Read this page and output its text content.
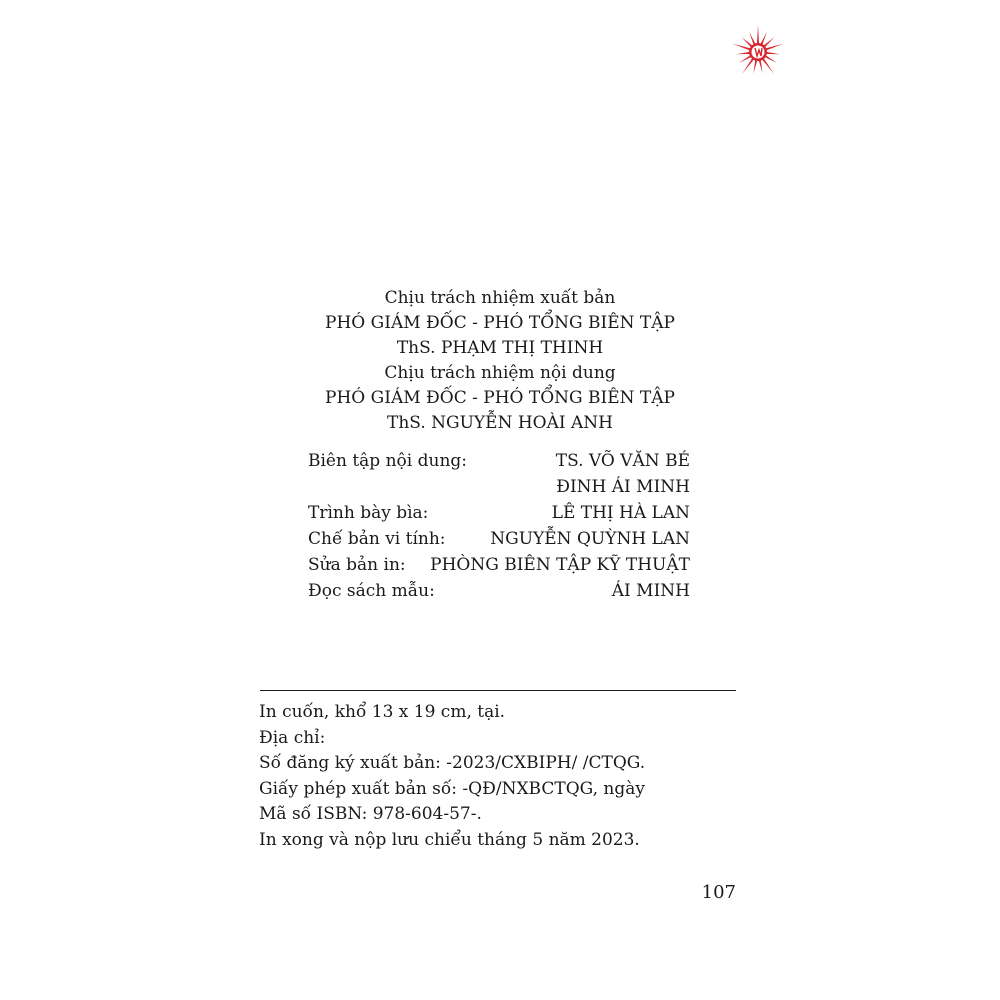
Chịu trách nhiệm xuất bản
PHÓ GIÁM ĐỐC - PHÓ TỔNG BIÊN TẬP
ThS. PHẠM THỊ THINH
Chịu trách nhiệm nội dung
PHÓ GIÁM ĐỐC - PHÓ TỔNG BIÊN TẬP
ThS. NGUYỄN HOÀI ANH
Biên tập nội dung:	TS. VÕ VĂN BÉ
ĐINH ÁI MINH
Trình bày bìa:	LÊ THỊ HÀ LAN
Chế bản vi tính:	NGUYỄN QUỲNH LAN
Sửa bản in: PHÒNG BIÊN TẬP KỸ THUẬT
Đọc sách mẫu:	ÁI MINH
In cuốn, khổ 13 x 19 cm, tại.
Địa chỉ:
Số đăng ký xuất bản: -2023/CXBIPH/ /CTQG.
Giấy phép xuất bản số: -QĐ/NXBCTQG, ngày
Mã số ISBN: 978-604-57-.
In xong và nộp lưu chiểu tháng 5 năm 2023.
107
